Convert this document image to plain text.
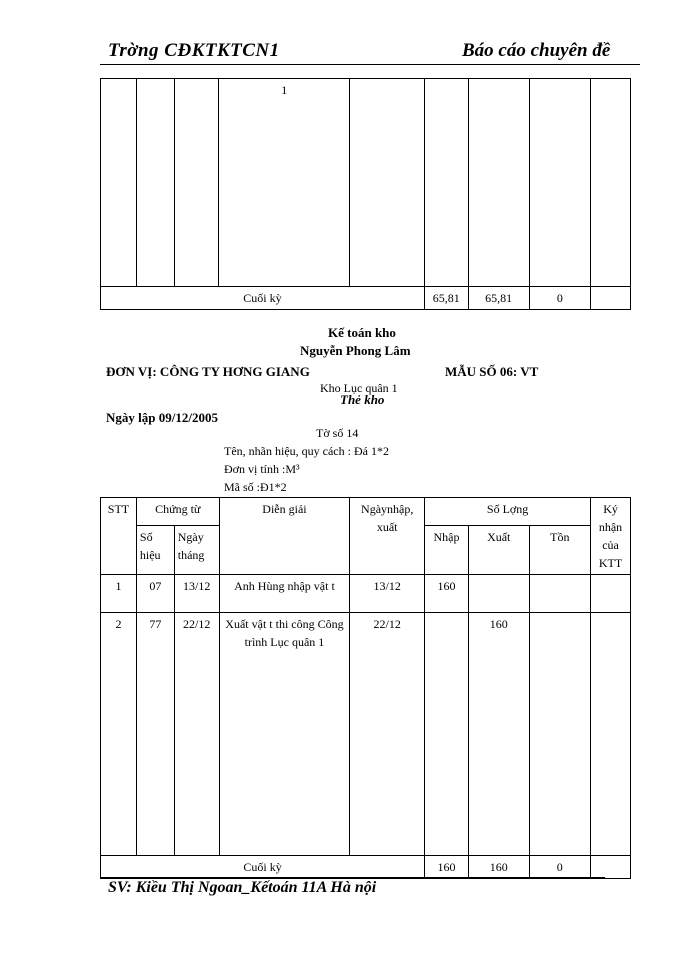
Trờng CĐKTKTCN1	Báo cáo chuyên đề
			1					
Cuối kỳ					65,81	65,81	0	
Kế toán kho
Nguyễn Phong Lâm
ĐƠN VỊ: CÔNG TY HƠNG GIANG	MẪU SỐ 06: VT
Kho Lục quân 1
Thẻ kho
Ngày lập 09/12/2005
Tờ số 14
Tên, nhãn hiệu, quy cách : Đá 1*2
Đơn vị tính :M³
Mã số :Đ1*2
STT	Chứng từ		Diễn giải	Ngàynhập, xuất	Số Lợng			Ký nhận của KTT
	Số hiệu	Ngày tháng			Nhập	Xuất	Tồn	
1	07	13/12	Anh Hùng nhập vật t	13/12	160			
2	77	22/12	Xuất vật t thi công Công trình Lục quân 1	22/12		160		
Cuối kỳ					160	160	0	
SV: Kiều Thị Ngoan_Kếtoán 11A Hà nội
